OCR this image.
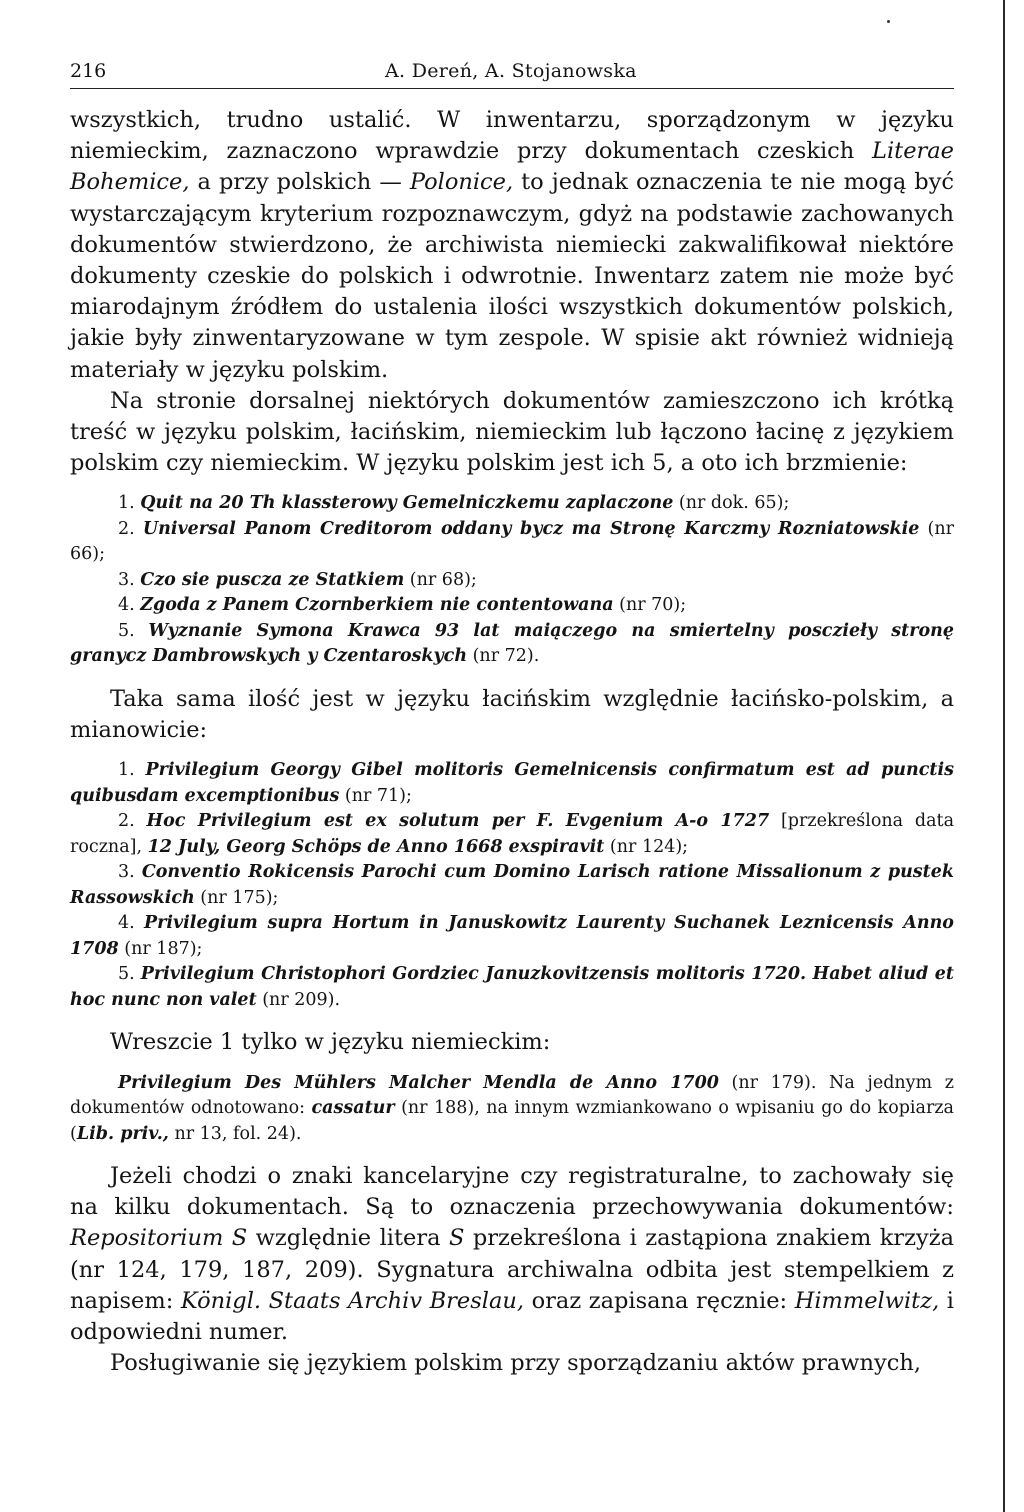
216	A. Dereń, A. Stojanowska

wszystkich, trudno ustalić. W inwentarzu, sporządzonym w języku niemieckim, zaznaczono wprawdzie przy dokumentach czeskich Literae Bohemice, a przy polskich — Polonice, to jednak oznaczenia te nie mogą być wystarczającym kryterium rozpoznawczym, gdyż na podstawie zachowanych dokumentów stwierdzono, że archiwista niemiecki zakwalifikował niektóre dokumenty czeskie do polskich i odwrotnie. Inwentarz zatem nie może być miarodajnym źródłem do ustalenia ilości wszystkich dokumentów polskich, jakie były zinwentaryzowane w tym zespole. W spisie akt również widnieją materiały w języku polskim.

Na stronie dorsalnej niektórych dokumentów zamieszczono ich krótką treść w języku polskim, łacińskim, niemieckim lub łączono łacinę z językiem polskim czy niemieckim. W języku polskim jest ich 5, a oto ich brzmienie:

1. Quit na 20 Th klassterowy Gemelniczkemu zaplaczone (nr dok. 65);

2. Universal Panom Creditorom oddany bycz ma Stronę Karczmy Rozniatowskie (nr 66);

3. Czo sie puscza ze Statkiem (nr 68);

4. Zgoda z Panem Czornberkiem nie contentowana (nr 70);

5. Wyznanie Symona Krawca 93 lat maiączego na smiertelny posczieły stronę granycz Dambrowskych y Czentaroskych (nr 72).

Taka sama ilość jest w języku łacińskim względnie łacińsko-polskim, a mianowicie:

1. Privilegium Georgy Gibel molitoris Gemelnicensis confirmatum est ad punctis quibusdam excemptionibus (nr 71);

2. Hoc Privilegium est ex solutum per F. Evgenium A-o 1727 [przekreślona data roczna], 12 July, Georg Schöps de Anno 1668 exspiravit (nr 124);

3. Conventio Rokicensis Parochi cum Domino Larisch ratione Missalionum z pustek Rassowskich (nr 175);

4. Privilegium supra Hortum in Januskowitz Laurenty Suchanek Leznicensis Anno 1708 (nr 187);

5. Privilegium Christophori Gordziec Januzkovitzensis molitoris 1720. Habet aliud et hoc nunc non valet (nr 209).

Wreszcie 1 tylko w języku niemieckim:

Privilegium Des Mühlers Malcher Mendla de Anno 1700 (nr 179). Na jednym z dokumentów odnotowano: cassatur (nr 188), na innym wzmiankowano o wpisaniu go do kopiarza (Lib. priv., nr 13, fol. 24).

Jeżeli chodzi o znaki kancelaryjne czy registraturalne, to zachowały się na kilku dokumentach. Są to oznaczenia przechowywania dokumentów: Repositorium S względnie litera S przekreślona i zastąpiona znakiem krzyża (nr 124, 179, 187, 209). Sygnatura archiwalna odbita jest stempelkiem z napisem: Königl. Staats Archiv Breslau, oraz zapisana ręcznie: Himmelwitz, i odpowiedni numer.

Posługiwanie się językiem polskim przy sporządzaniu aktów prawnych,
